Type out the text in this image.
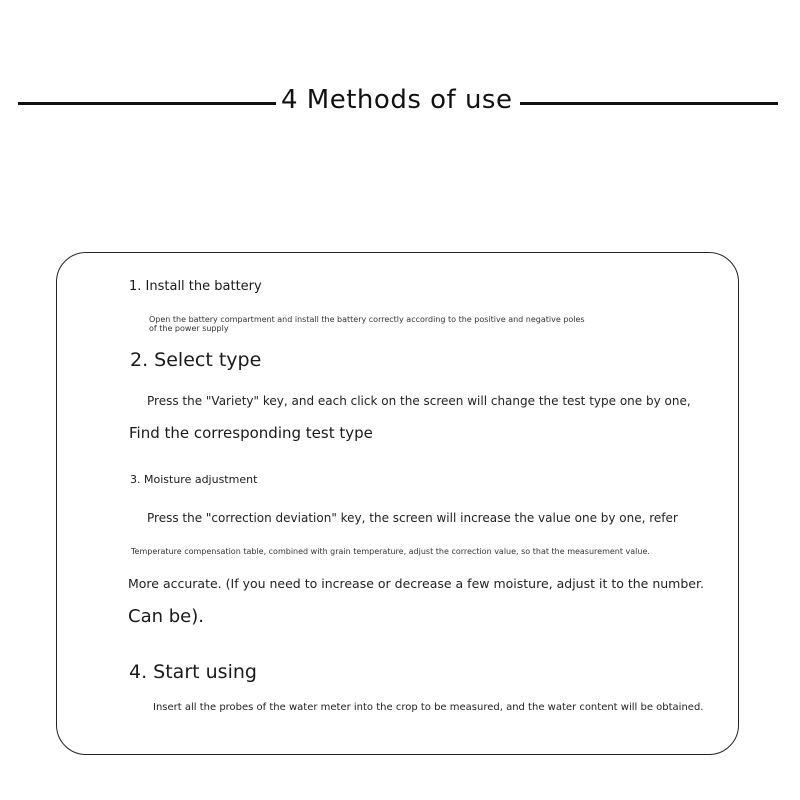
4 Methods of use
1. Install the battery
Open the battery compartment and install the battery correctly according to the positive and negative poles
of the power supply
2. Select type
Press the "Variety" key, and each click on the screen will change the test type one by one,
Find the corresponding test type
3. Moisture adjustment
Press the "correction deviation" key, the screen will increase the value one by one, refer
Temperature compensation table, combined with grain temperature, adjust the correction value, so that the measurement value.
More accurate. (If you need to increase or decrease a few moisture, adjust it to the number.
Can be).
4. Start using
Insert all the probes of the water meter into the crop to be measured, and the water content will be obtained.
